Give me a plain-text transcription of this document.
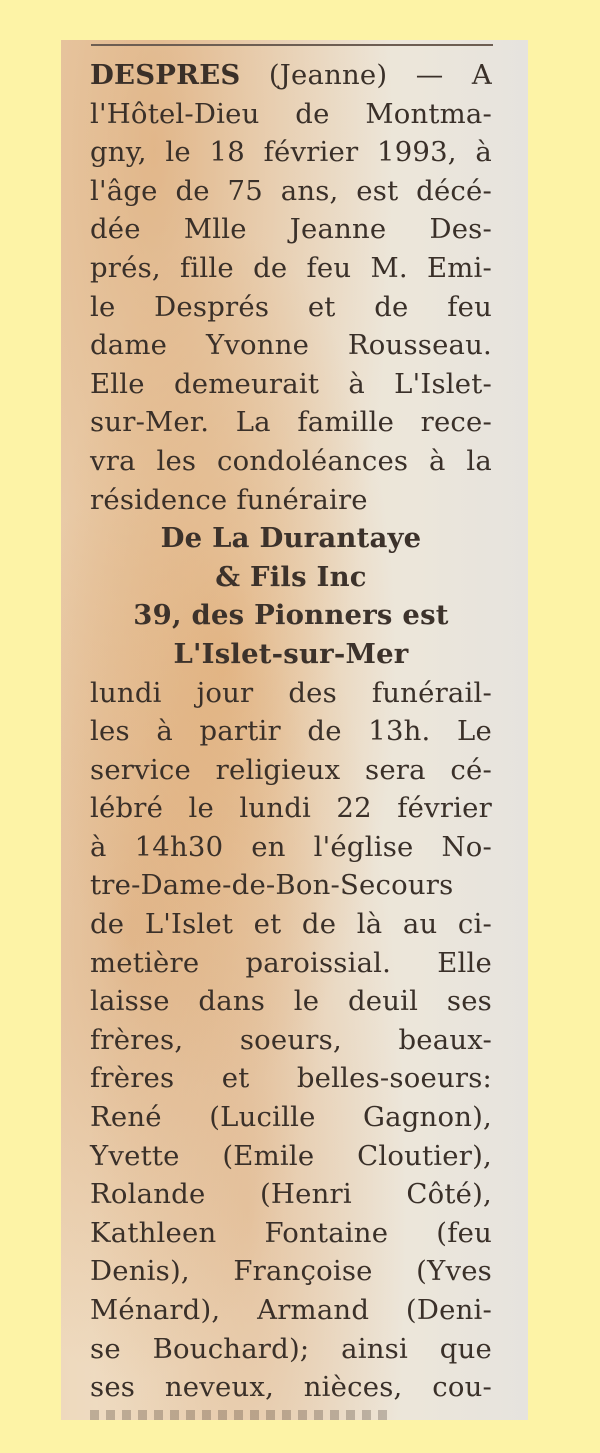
DESPRES (Jeanne) — A
l'Hôtel-Dieu de Montma-
gny, le 18 février 1993, à
l'âge de 75 ans, est décé-
dée Mlle Jeanne Des-
prés, fille de feu M. Emi-
le Després et de feu
dame Yvonne Rousseau.
Elle demeurait à L'Islet-
sur-Mer. La famille rece-
vra les condoléances à la
résidence funéraire
De La Durantaye
& Fils Inc
39, des Pionners est
L'Islet-sur-Mer
lundi jour des funérail-
les à partir de 13h. Le
service religieux sera cé-
lébré le lundi 22 février
à 14h30 en l'église No-
tre-Dame-de-Bon-Secours
de L'Islet et de là au ci-
metière paroissial. Elle
laisse dans le deuil ses
frères, soeurs, beaux-
frères et belles-soeurs:
René (Lucille Gagnon),
Yvette (Emile Cloutier),
Rolande (Henri Côté),
Kathleen Fontaine (feu
Denis), Françoise (Yves
Ménard), Armand (Deni-
se Bouchard); ainsi que
ses neveux, nièces, cou-
